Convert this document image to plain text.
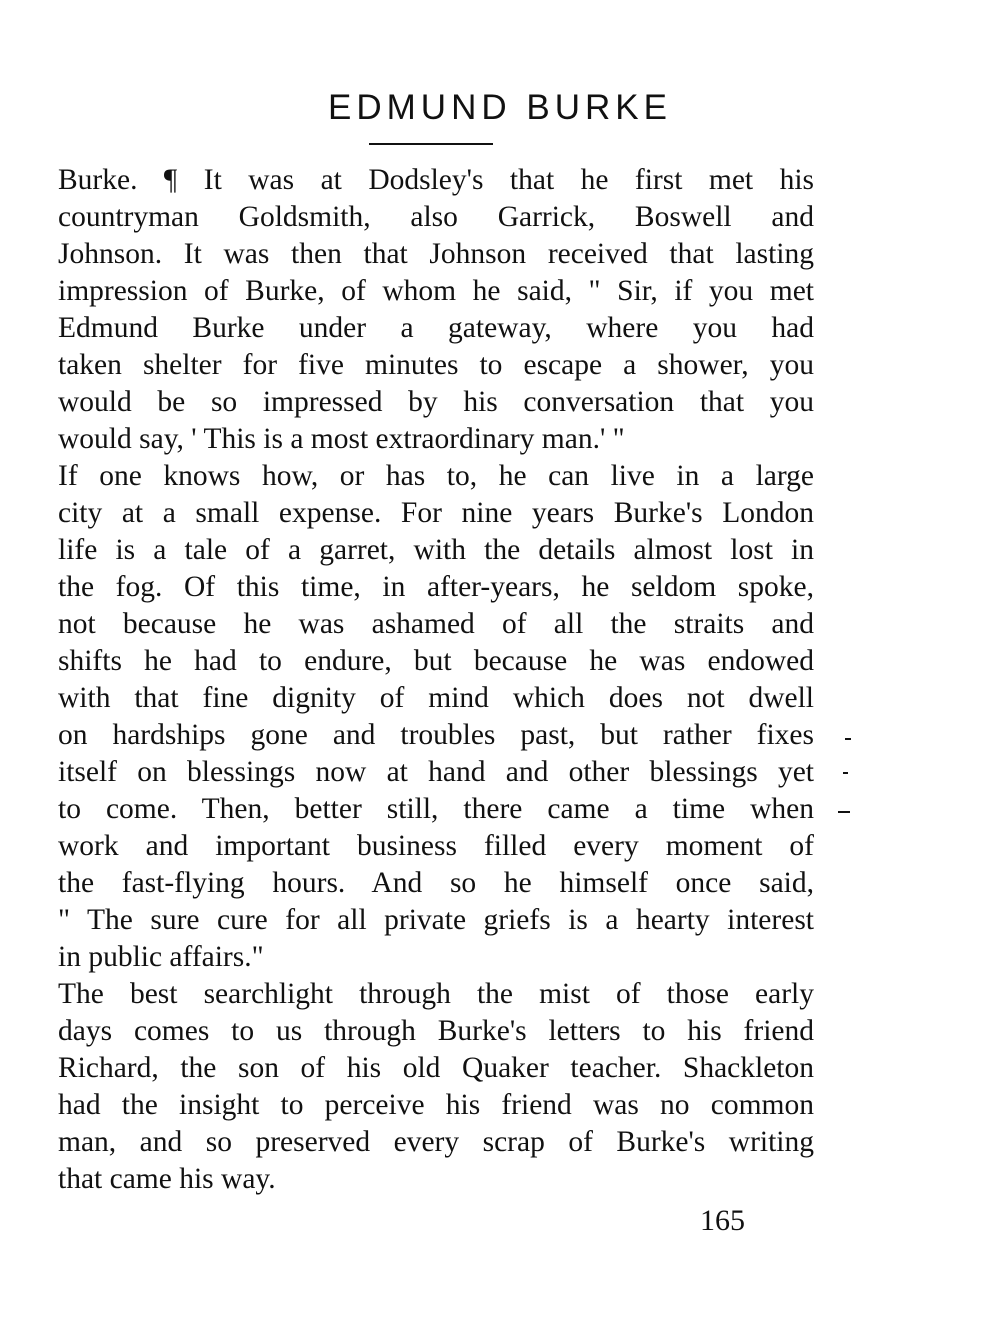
EDMUND BURKE
Burke. ¶ It was at Dodsley's that he first met his
countryman Goldsmith, also Garrick, Boswell and
Johnson. It was then that Johnson received that lasting
impression of Burke, of whom he said, " Sir, if you met
Edmund Burke under a gateway, where you had
taken shelter for five minutes to escape a shower, you
would be so impressed by his conversation that you
would say, ' This is a most extraordinary man.' "
If one knows how, or has to, he can live in a large
city at a small expense. For nine years Burke's London
life is a tale of a garret, with the details almost lost in
the fog. Of this time, in after-years, he seldom spoke,
not because he was ashamed of all the straits and
shifts he had to endure, but because he was endowed
with that fine dignity of mind which does not dwell
on hardships gone and troubles past, but rather fixes
itself on blessings now at hand and other blessings yet
to come. Then, better still, there came a time when
work and important business filled every moment of
the fast-flying hours. And so he himself once said,
" The sure cure for all private griefs is a hearty interest
in public affairs."
The best searchlight through the mist of those early
days comes to us through Burke's letters to his friend
Richard, the son of his old Quaker teacher. Shackleton
had the insight to perceive his friend was no common
man, and so preserved every scrap of Burke's writing
that came his way.
165
